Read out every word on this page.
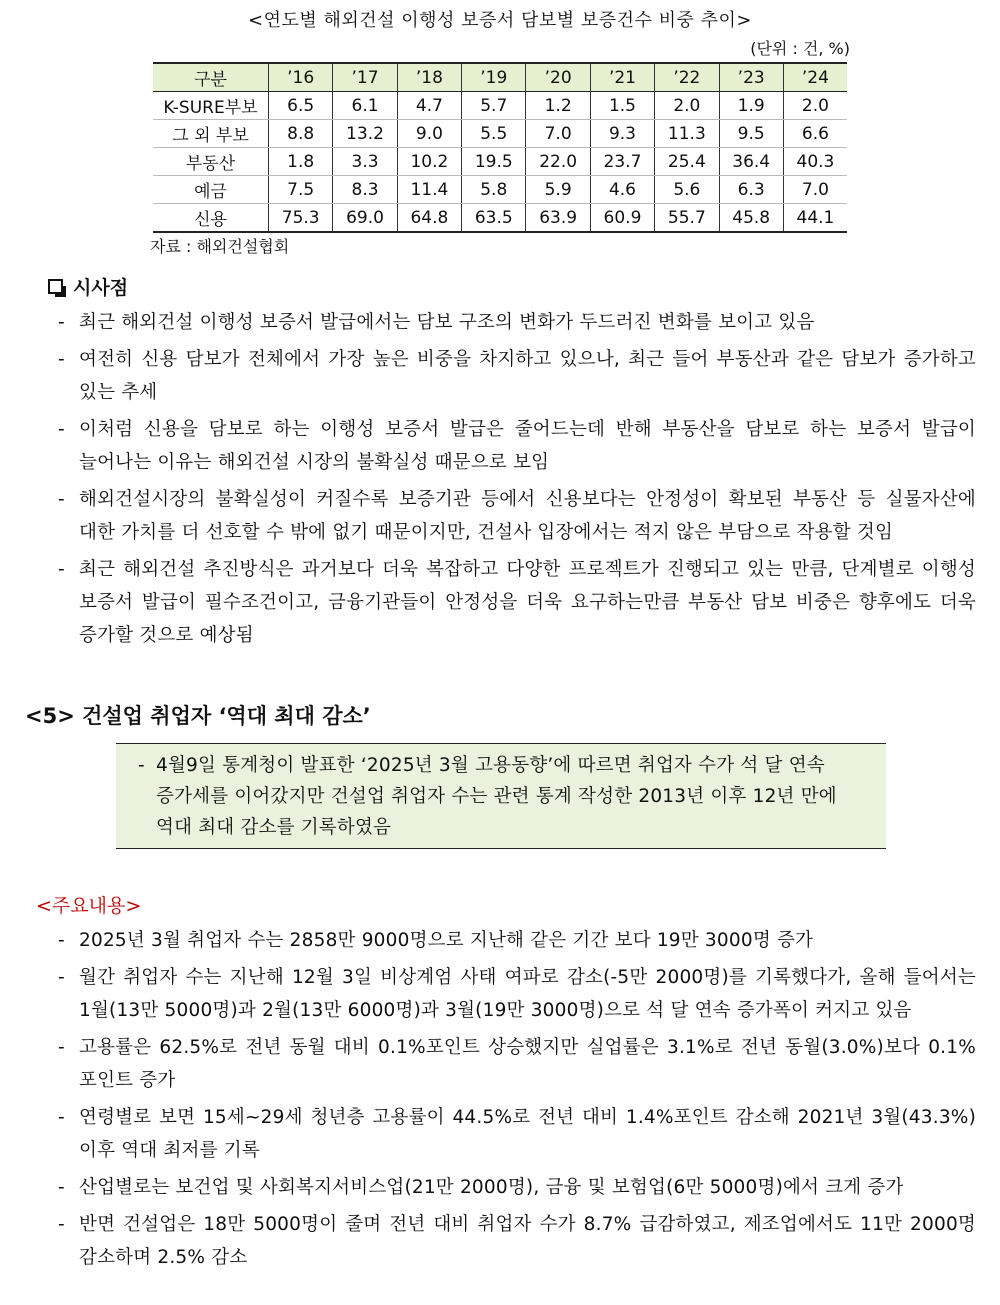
<연도별 해외건설 이행성 보증서 담보별 보증건수 비중 추이>
(단위 : 건, %)
구분	’16	’17	’18	’19	’20	’21	’22	’23	’24
K-SURE부보	6.5	6.1	4.7	5.7	1.2	1.5	2.0	1.9	2.0
그 외 부보	8.8	13.2	9.0	5.5	7.0	9.3	11.3	9.5	6.6
부동산	1.8	3.3	10.2	19.5	22.0	23.7	25.4	36.4	40.3
예금	7.5	8.3	11.4	5.8	5.9	4.6	5.6	6.3	7.0
신용	75.3	69.0	64.8	63.5	63.9	60.9	55.7	45.8	44.1
자료 : 해외건설협회
시사점
- 최근 해외건설 이행성 보증서 발급에서는 담보 구조의 변화가 두드러진 변화를 보이고 있음
- 여전히 신용 담보가 전체에서 가장 높은 비중을 차지하고 있으나, 최근 들어 부동산과 같은 담보가 증가하고 있는 추세
- 이처럼 신용을 담보로 하는 이행성 보증서 발급은 줄어드는데 반해 부동산을 담보로 하는 보증서 발급이 늘어나는 이유는 해외건설 시장의 불확실성 때문으로 보임
- 해외건설시장의 불확실성이 커질수록 보증기관 등에서 신용보다는 안정성이 확보된 부동산 등 실물자산에 대한 가치를 더 선호할 수 밖에 없기 때문이지만, 건설사 입장에서는 적지 않은 부담으로 작용할 것임
- 최근 해외건설 추진방식은 과거보다 더욱 복잡하고 다양한 프로젝트가 진행되고 있는 만큼, 단계별로 이행성 보증서 발급이 필수조건이고, 금융기관들이 안정성을 더욱 요구하는만큼 부동산 담보 비중은 향후에도 더욱 증가할 것으로 예상됨
<5> 건설업 취업자 ‘역대 최대 감소’
- 4월9일 통계청이 발표한 ‘2025년 3월 고용동향’에 따르면 취업자 수가 석 달 연속 증가세를 이어갔지만 건설업 취업자 수는 관련 통계 작성한 2013년 이후 12년 만에 역대 최대 감소를 기록하였음
<주요내용>
- 2025년 3월 취업자 수는 2858만 9000명으로 지난해 같은 기간 보다 19만 3000명 증가
- 월간 취업자 수는 지난해 12월 3일 비상계엄 사태 여파로 감소(-5만 2000명)를 기록했다가, 올해 들어서는 1월(13만 5000명)과 2월(13만 6000명)과 3월(19만 3000명)으로 석 달 연속 증가폭이 커지고 있음
- 고용률은 62.5%로 전년 동월 대비 0.1%포인트 상승했지만 실업률은 3.1%로 전년 동월(3.0%)보다 0.1%포인트 증가
- 연령별로 보면 15세~29세 청년층 고용률이 44.5%로 전년 대비 1.4%포인트 감소해 2021년 3월(43.3%) 이후 역대 최저를 기록
- 산업별로는 보건업 및 사회복지서비스업(21만 2000명), 금융 및 보험업(6만 5000명)에서 크게 증가
- 반면 건설업은 18만 5000명이 줄며 전년 대비 취업자 수가 8.7% 급감하였고, 제조업에서도 11만 2000명 감소하며 2.5% 감소
